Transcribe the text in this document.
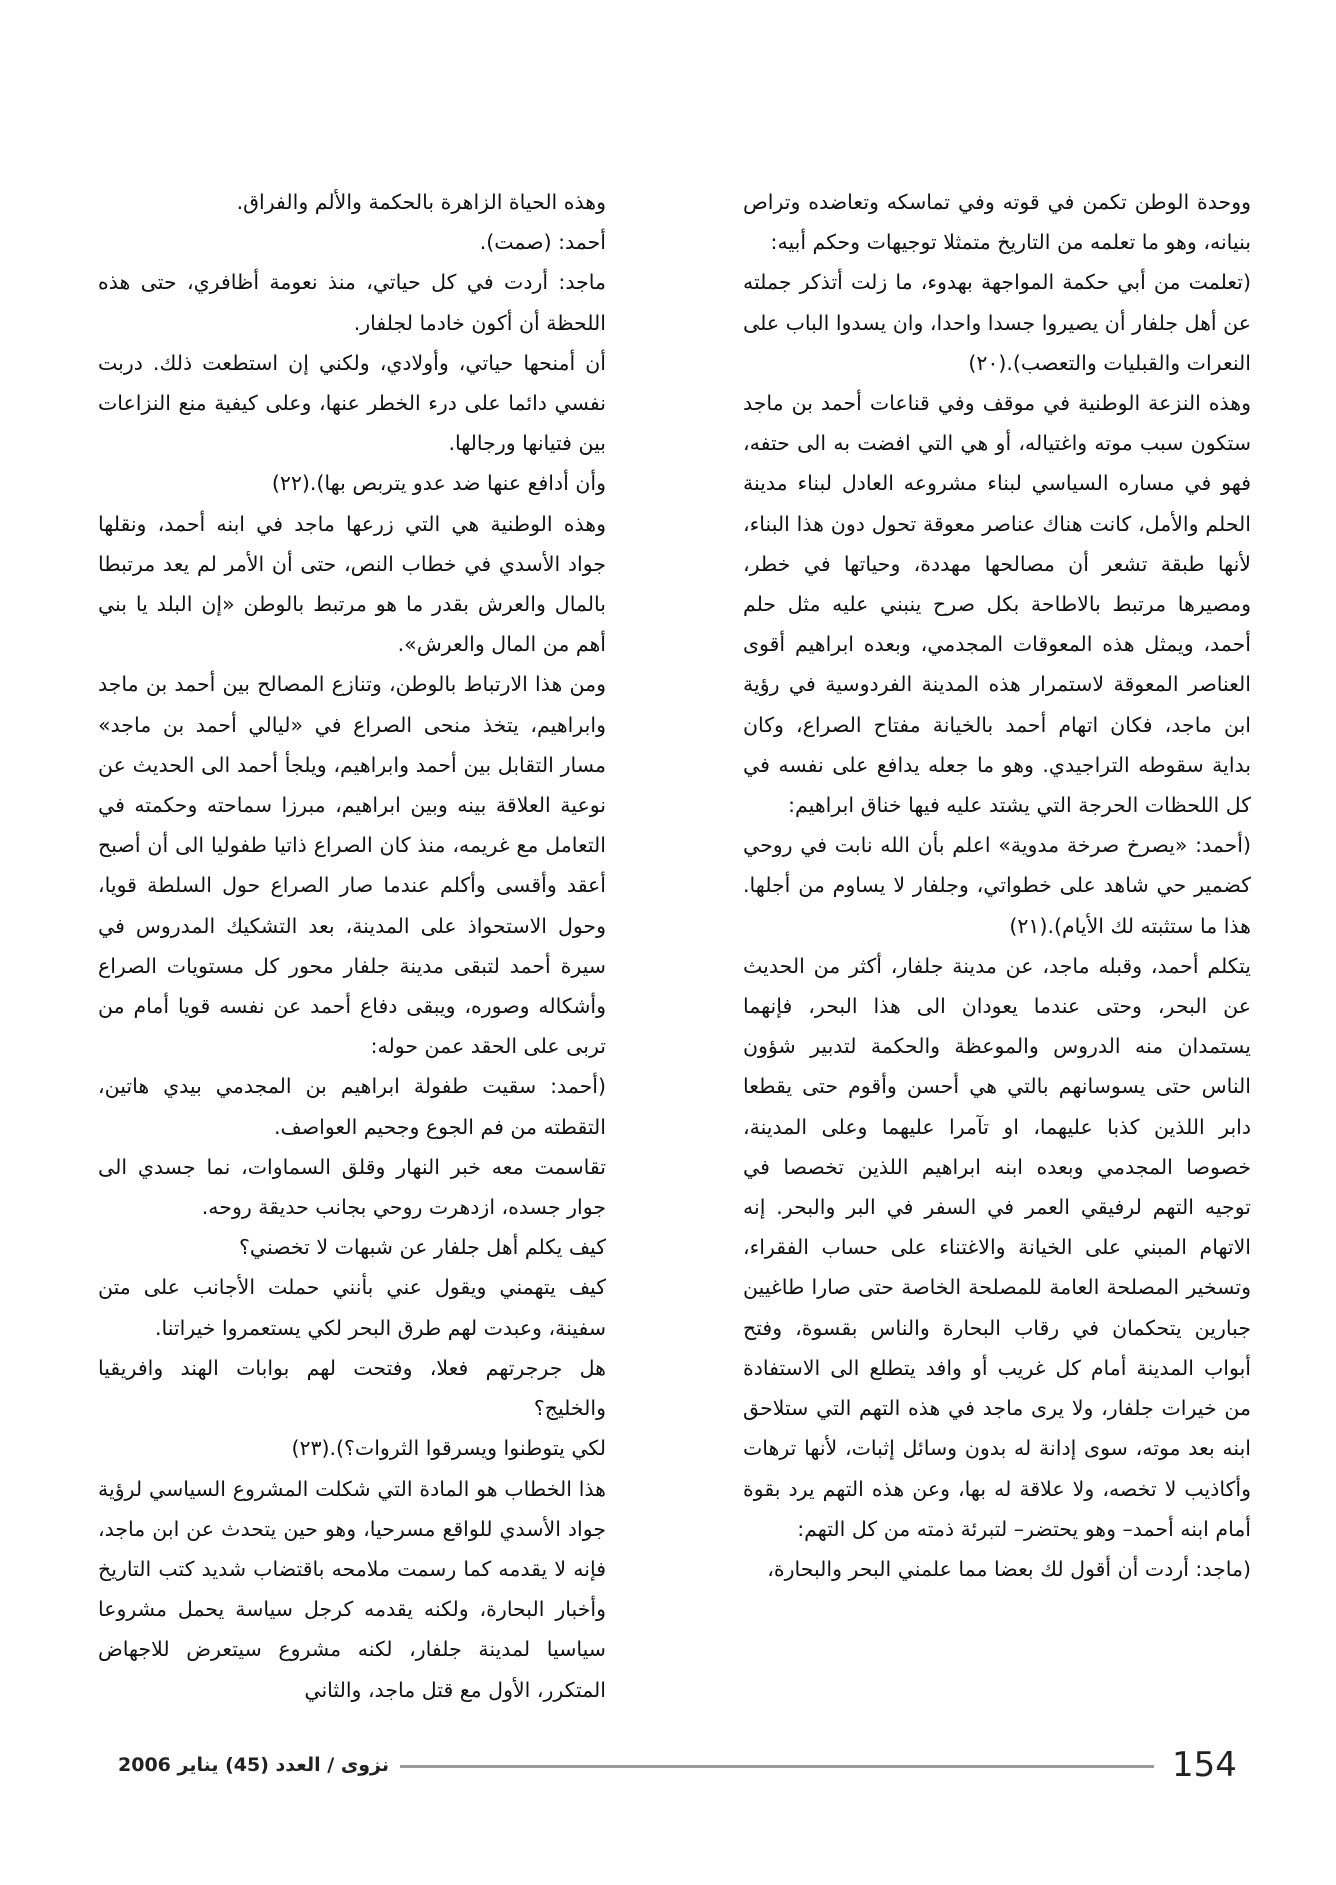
ووحدة الوطن تكمن في قوته وفي تماسكه وتعاضده وتراص بنيانه، وهو ما تعلمه من التاريخ متمثلا توجيهات وحكم أبيه:

(تعلمت من أبي حكمة المواجهة بهدوء، ما زلت أتذكر جملته عن أهل جلفار أن يصيروا جسدا واحدا، وان يسدوا الباب على النعرات والقبليات والتعصب).(٢٠)

وهذه النزعة الوطنية في موقف وفي قناعات أحمد بن ماجد ستكون سبب موته واغتياله، أو هي التي افضت به الى حتفه، فهو في مساره السياسي لبناء مشروعه العادل لبناء مدينة الحلم والأمل، كانت هناك عناصر معوقة تحول دون هذا البناء، لأنها طبقة تشعر أن مصالحها مهددة، وحياتها في خطر، ومصيرها مرتبط بالاطاحة بكل صرح ينبني عليه مثل حلم أحمد، ويمثل هذه المعوقات المجدمي، وبعده ابراهيم أقوى العناصر المعوقة لاستمرار هذه المدينة الفردوسية في رؤية ابن ماجد، فكان اتهام أحمد بالخيانة مفتاح الصراع، وكان بداية سقوطه التراجيدي. وهو ما جعله يدافع على نفسه في كل اللحظات الحرجة التي يشتد عليه فيها خناق ابراهيم:

(أحمد: «يصرخ صرخة مدوية» اعلم بأن الله نابت في روحي كضمير حي شاهد على خطواتي، وجلفار لا يساوم من أجلها. هذا ما ستثبته لك الأيام).(٢١)

يتكلم أحمد، وقبله ماجد، عن مدينة جلفار، أكثر من الحديث عن البحر، وحتى عندما يعودان الى هذا البحر، فإنهما يستمدان منه الدروس والموعظة والحكمة لتدبير شؤون الناس حتى يسوسانهم بالتي هي أحسن وأقوم حتى يقطعا دابر اللذين كذبا عليهما، او تآمرا عليهما وعلى المدينة، خصوصا المجدمي وبعده ابنه ابراهيم اللذين تخصصا في توجيه التهم لرفيقي العمر في السفر في البر والبحر. إنه الاتهام المبني على الخيانة والاغتناء على حساب الفقراء، وتسخير المصلحة العامة للمصلحة الخاصة حتى صارا طاغيين جبارين يتحكمان في رقاب البحارة والناس بقسوة، وفتح أبواب المدينة أمام كل غريب أو وافد يتطلع الى الاستفادة من خيرات جلفار، ولا يرى ماجد في هذه التهم التي ستلاحق ابنه بعد موته، سوى إدانة له بدون وسائل إثبات، لأنها ترهات وأكاذيب لا تخصه، ولا علاقة له بها، وعن هذه التهم يرد بقوة أمام ابنه أحمد– وهو يحتضر– لتبرئة ذمته من كل التهم:

(ماجد: أردت أن أقول لك بعضا مما علمني البحر والبحارة،

وهذه الحياة الزاهرة بالحكمة والألم والفراق.

أحمد: (صمت).

ماجد: أردت في كل حياتي، منذ نعومة أظافري، حتى هذه اللحظة أن أكون خادما لجلفار.

أن أمنحها حياتي، وأولادي، ولكني إن استطعت ذلك. دربت نفسي دائما على درء الخطر عنها، وعلى كيفية منع النزاعات بين فتيانها ورجالها.

وأن أدافع عنها ضد عدو يتربص بها).(٢٢)

وهذه الوطنية هي التي زرعها ماجد في ابنه أحمد، ونقلها جواد الأسدي في خطاب النص، حتى أن الأمر لم يعد مرتبطا بالمال والعرش بقدر ما هو مرتبط بالوطن «إن البلد يا بني أهم من المال والعرش».

ومن هذا الارتباط بالوطن، وتنازع المصالح بين أحمد بن ماجد وابراهيم، يتخذ منحى الصراع في «ليالي أحمد بن ماجد» مسار التقابل بين أحمد وابراهيم، ويلجأ أحمد الى الحديث عن نوعية العلاقة بينه وبين ابراهيم، مبرزا سماحته وحكمته في التعامل مع غريمه، منذ كان الصراع ذاتيا طفوليا الى أن أصبح أعقد وأقسى وأكلم عندما صار الصراع حول السلطة قويا، وحول الاستحواذ على المدينة، بعد التشكيك المدروس في سيرة أحمد لتبقى مدينة جلفار محور كل مستويات الصراع وأشكاله وصوره، ويبقى دفاع أحمد عن نفسه قويا أمام من تربى على الحقد عمن حوله:

(أحمد: سقيت طفولة ابراهيم بن المجدمي بيدي هاتين، التقطته من فم الجوع وجحيم العواصف.

تقاسمت معه خبر النهار وقلق السماوات، نما جسدي الى جوار جسده، ازدهرت روحي بجانب حديقة روحه.

كيف يكلم أهل جلفار عن شبهات لا تخصني؟

كيف يتهمني ويقول عني بأنني حملت الأجانب على متن سفينة، وعبدت لهم طرق البحر لكي يستعمروا خيراتنا.

هل جرجرتهم فعلا، وفتحت لهم بوابات الهند وافريقيا والخليج؟

لكي يتوطنوا ويسرقوا الثروات؟).(٢٣)

هذا الخطاب هو المادة التي شكلت المشروع السياسي لرؤية جواد الأسدي للواقع مسرحيا، وهو حين يتحدث عن ابن ماجد، فإنه لا يقدمه كما رسمت ملامحه باقتضاب شديد كتب التاريخ وأخبار البحارة، ولكنه يقدمه كرجل سياسة يحمل مشروعا سياسيا لمدينة جلفار، لكنه مشروع سيتعرض للاجهاض المتكرر، الأول مع قتل ماجد، والثاني

نزوى / العدد (45) يناير 2006	154
